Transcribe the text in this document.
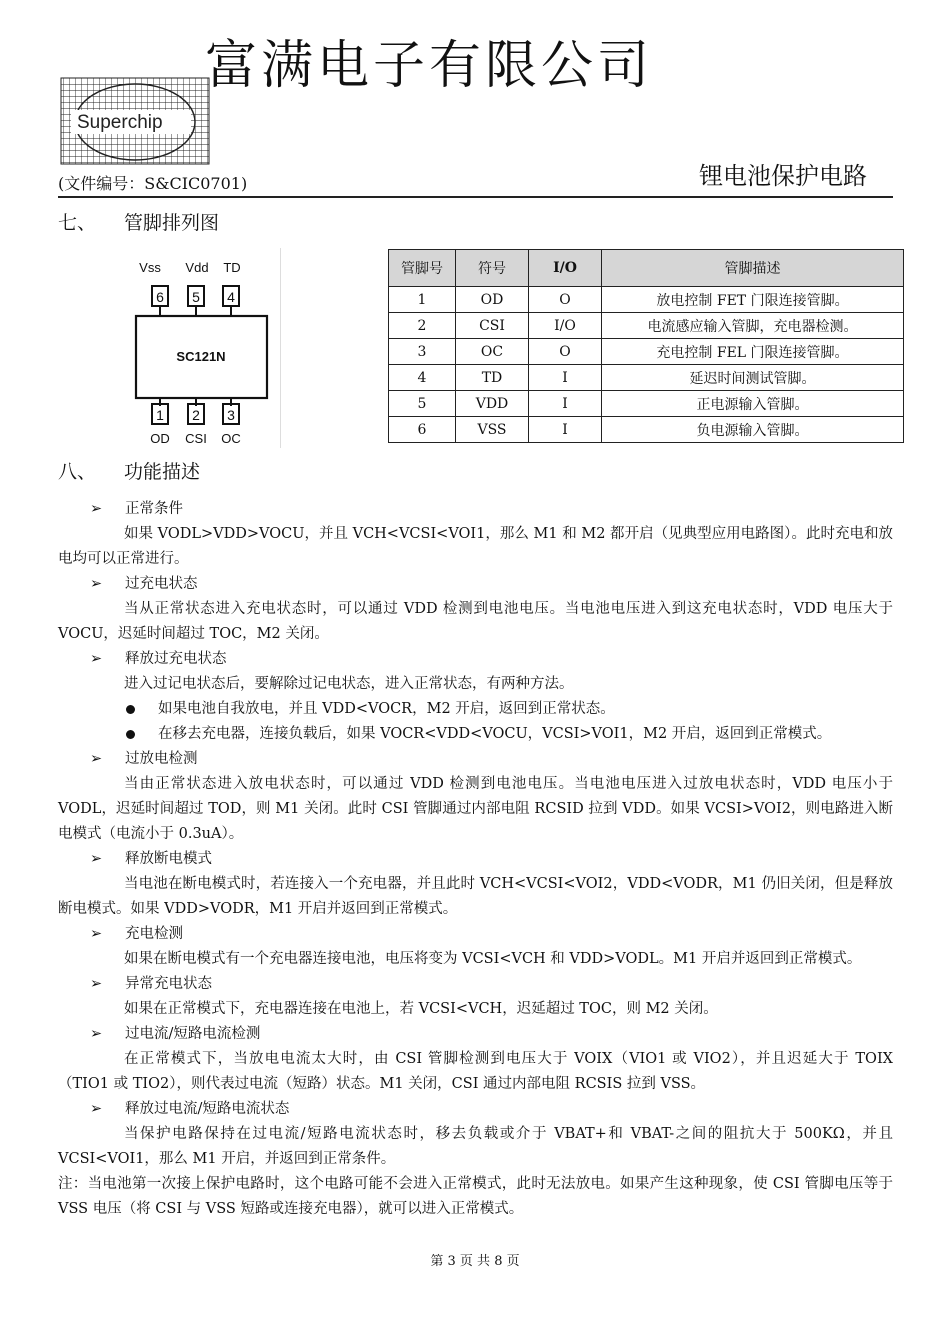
Superchip
富满电子有限公司
(文件编号：S&CIC0701)	锂电池保护电路
七、 管脚排列图
Vss Vdd TD
6 5 4
SC121N
1 2 3
OD CSI OC
管脚号	符号	I/O	管脚描述
1	OD	O	放电控制 FET 门限连接管脚。
2	CSI	I/O	电流感应输入管脚，充电器检测。
3	OC	O	充电控制 FEL 门限连接管脚。
4	TD	I	延迟时间测试管脚。
5	VDD	I	正电源输入管脚。
6	VSS	I	负电源输入管脚。
八、 功能描述
➢ 正常条件
如果 VODL>VDD>VOCU，并且 VCH<VCSI<VOI1，那么 M1 和 M2 都开启（见典型应用电路图）。此时充电和放电均可以正常进行。
➢ 过充电状态
当从正常状态进入充电状态时，可以通过 VDD 检测到电池电压。当电池电压进入到这充电状态时，VDD 电压大于 VOCU，迟延时间超过 TOC，M2 关闭。
➢ 释放过充电状态
进入过记电状态后，要解除过记电状态，进入正常状态，有两种方法。
如果电池自我放电，并且 VDD<VOCR，M2 开启，返回到正常状态。
在移去充电器，连接负载后，如果 VOCR<VDD<VOCU，VCSI>VOI1，M2 开启，返回到正常模式。
➢ 过放电检测
当由正常状态进入放电状态时，可以通过 VDD 检测到电池电压。当电池电压进入过放电状态时，VDD 电压小于 VODL，迟延时间超过 TOD，则 M1 关闭。此时 CSI 管脚通过内部电阻 RCSID 拉到 VDD。如果 VCSI>VOI2，则电路进入断电模式（电流小于 0.3uA）。
➢ 释放断电模式
当电池在断电模式时，若连接入一个充电器，并且此时 VCH<VCSI<VOI2，VDD<VODR，M1 仍旧关闭，但是释放断电模式。如果 VDD>VODR，M1 开启并返回到正常模式。
➢ 充电检测
如果在断电模式有一个充电器连接电池，电压将变为 VCSI<VCH 和 VDD>VODL。M1 开启并返回到正常模式。
➢ 异常充电状态
如果在正常模式下，充电器连接在电池上，若 VCSI<VCH，迟延超过 TOC，则 M2 关闭。
➢ 过电流/短路电流检测
在正常模式下，当放电电流太大时，由 CSI 管脚检测到电压大于 VOIX（VIO1 或 VIO2），并且迟延大于 TOIX（TIO1 或 TIO2），则代表过电流（短路）状态。M1 关闭，CSI 通过内部电阻 RCSIS 拉到 VSS。
➢ 释放过电流/短路电流状态
当保护电路保持在过电流/短路电流状态时，移去负载或介于 VBAT+和 VBAT-之间的阻抗大于 500KΩ，并且 VCSI<VOI1，那么 M1 开启，并返回到正常条件。
注：当电池第一次接上保护电路时，这个电路可能不会进入正常模式，此时无法放电。如果产生这种现象，使 CSI 管脚电压等于 VSS 电压（将 CSI 与 VSS 短路或连接充电器），就可以进入正常模式。
第 3 页 共 8 页
